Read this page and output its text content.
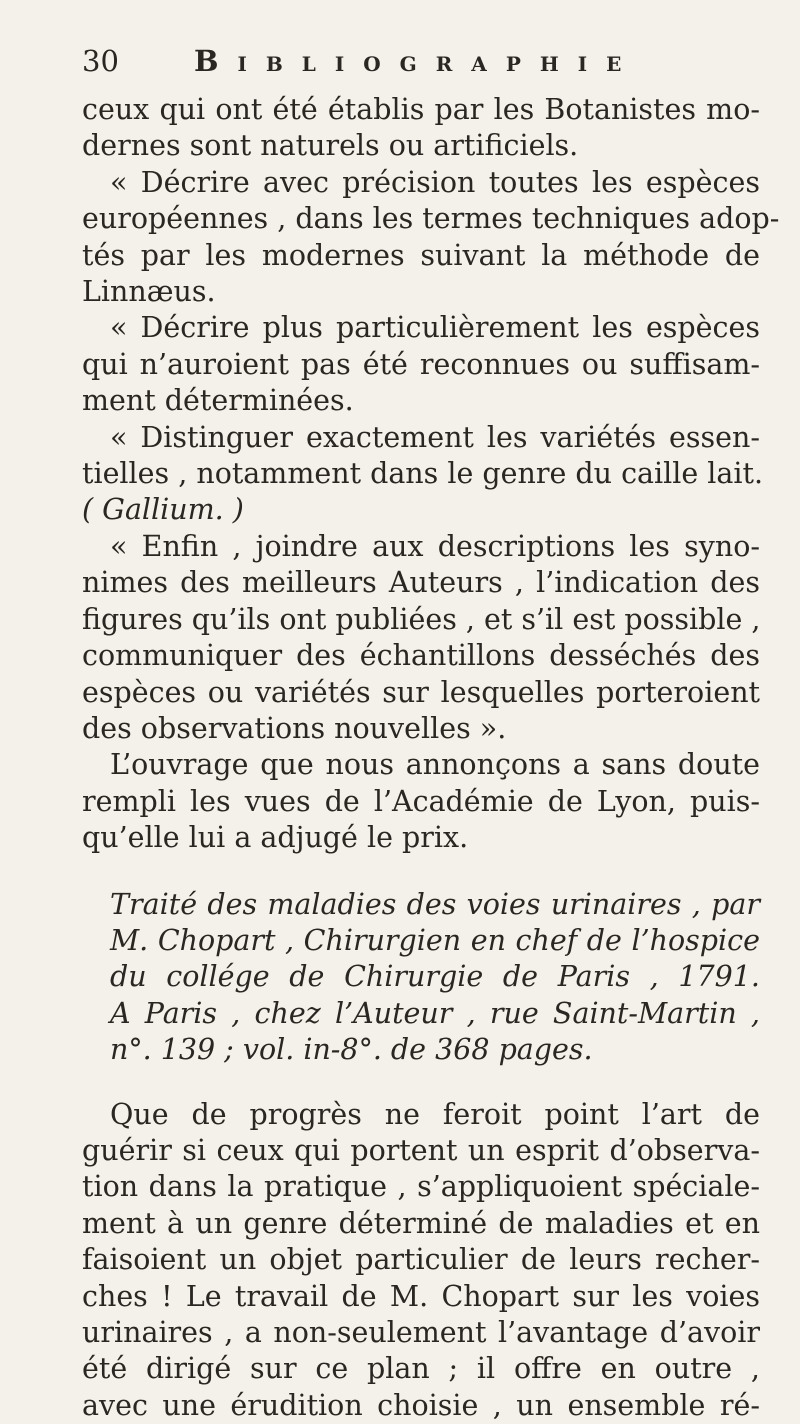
30	Bibliographie
ceux qui ont été établis par les Botanistes mo-
dernes sont naturels ou artificiels.
« Décrire avec précision toutes les espèces
européennes , dans les termes techniques adop-
tés par les modernes suivant la méthode de
Linnæus.
« Décrire plus particulièrement les espèces
qui n’auroient pas été reconnues ou suffisam-
ment déterminées.
« Distinguer exactement les variétés essen-
tielles , notamment dans le genre du caille lait.
( Gallium. )
« Enfin , joindre aux descriptions les syno-
nimes des meilleurs Auteurs , l’indication des
figures qu’ils ont publiées , et s’il est possible ,
communiquer des échantillons desséchés des
espèces ou variétés sur lesquelles porteroient
des observations nouvelles ».
L’ouvrage que nous annonçons a sans doute
rempli les vues de l’Académie de Lyon, puis-
qu’elle lui a adjugé le prix.
Traité des maladies des voies urinaires , par
M. Chopart , Chirurgien en chef de l’hospice
du collége de Chirurgie de Paris , 1791.
A Paris , chez l’Auteur , rue Saint-Martin ,
n°. 139 ; vol. in-8°. de 368 pages.
Que de progrès ne feroit point l’art de
guérir si ceux qui portent un esprit d’observa-
tion dans la pratique , s’appliquoient spéciale-
ment à un genre déterminé de maladies et en
faisoient un objet particulier de leurs recher-
ches ! Le travail de M. Chopart sur les voies
urinaires , a non-seulement l’avantage d’avoir
été dirigé sur ce plan ; il offre en outre ,
avec une érudition choisie , un ensemble ré-
